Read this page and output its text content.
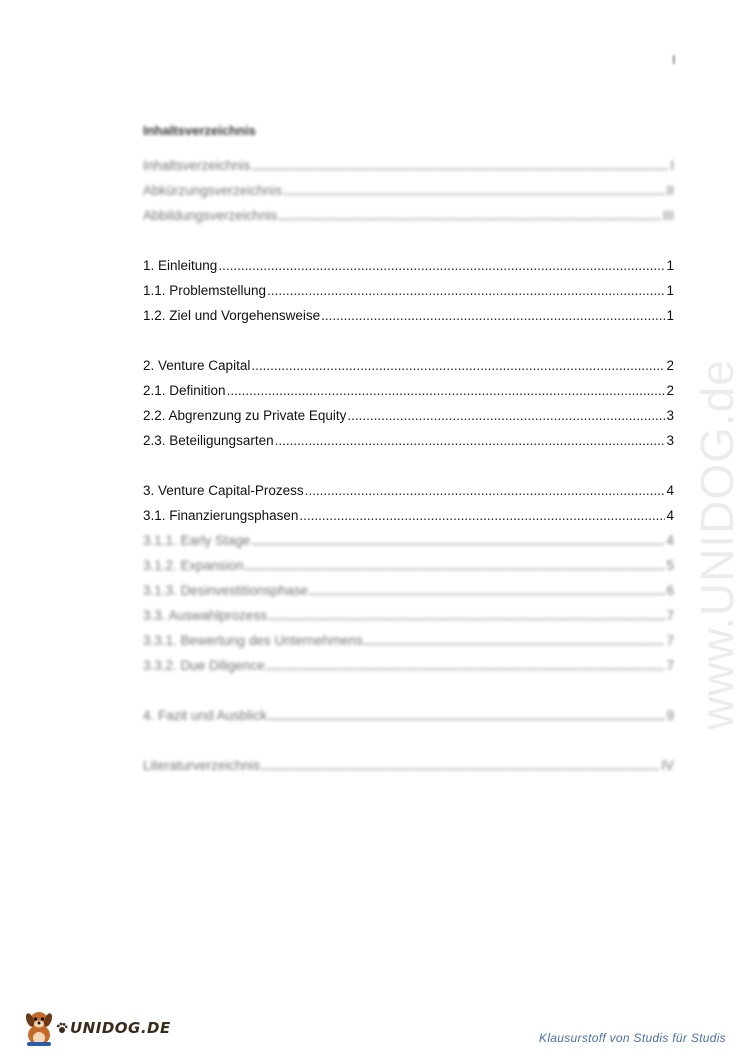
I
Inhaltsverzeichnis
Inhaltsverzeichnis .....	I
Abkürzungsverzeichnis .....	II
Abbildungsverzeichnis .....	III
1. Einleitung .....	1
1.1. Problemstellung .....	1
1.2. Ziel und Vorgehensweise .....	1
2. Venture Capital .....	2
2.1. Definition .....	2
2.2. Abgrenzung zu Private Equity .....	3
2.3. Beteiligungsarten .....	3
3. Venture Capital-Prozess .....	4
3.1. Finanzierungsphasen .....	4
3.1.1. Early Stage .....	4
3.1.2. Expansion .....	5
3.1.3. Desinvestitionsphase .....	6
3.3. Auswahlprozess .....	7
3.3.1. Bewertung des Unternehmens .....	7
3.3.2. Due Diligence .....	7
4. Fazit und Ausblick .....	9
Literaturverzeichnis .....	IV
www.UNIDOG.de
UNIDOG.DE
Klausurstoff von Studis für Studis
